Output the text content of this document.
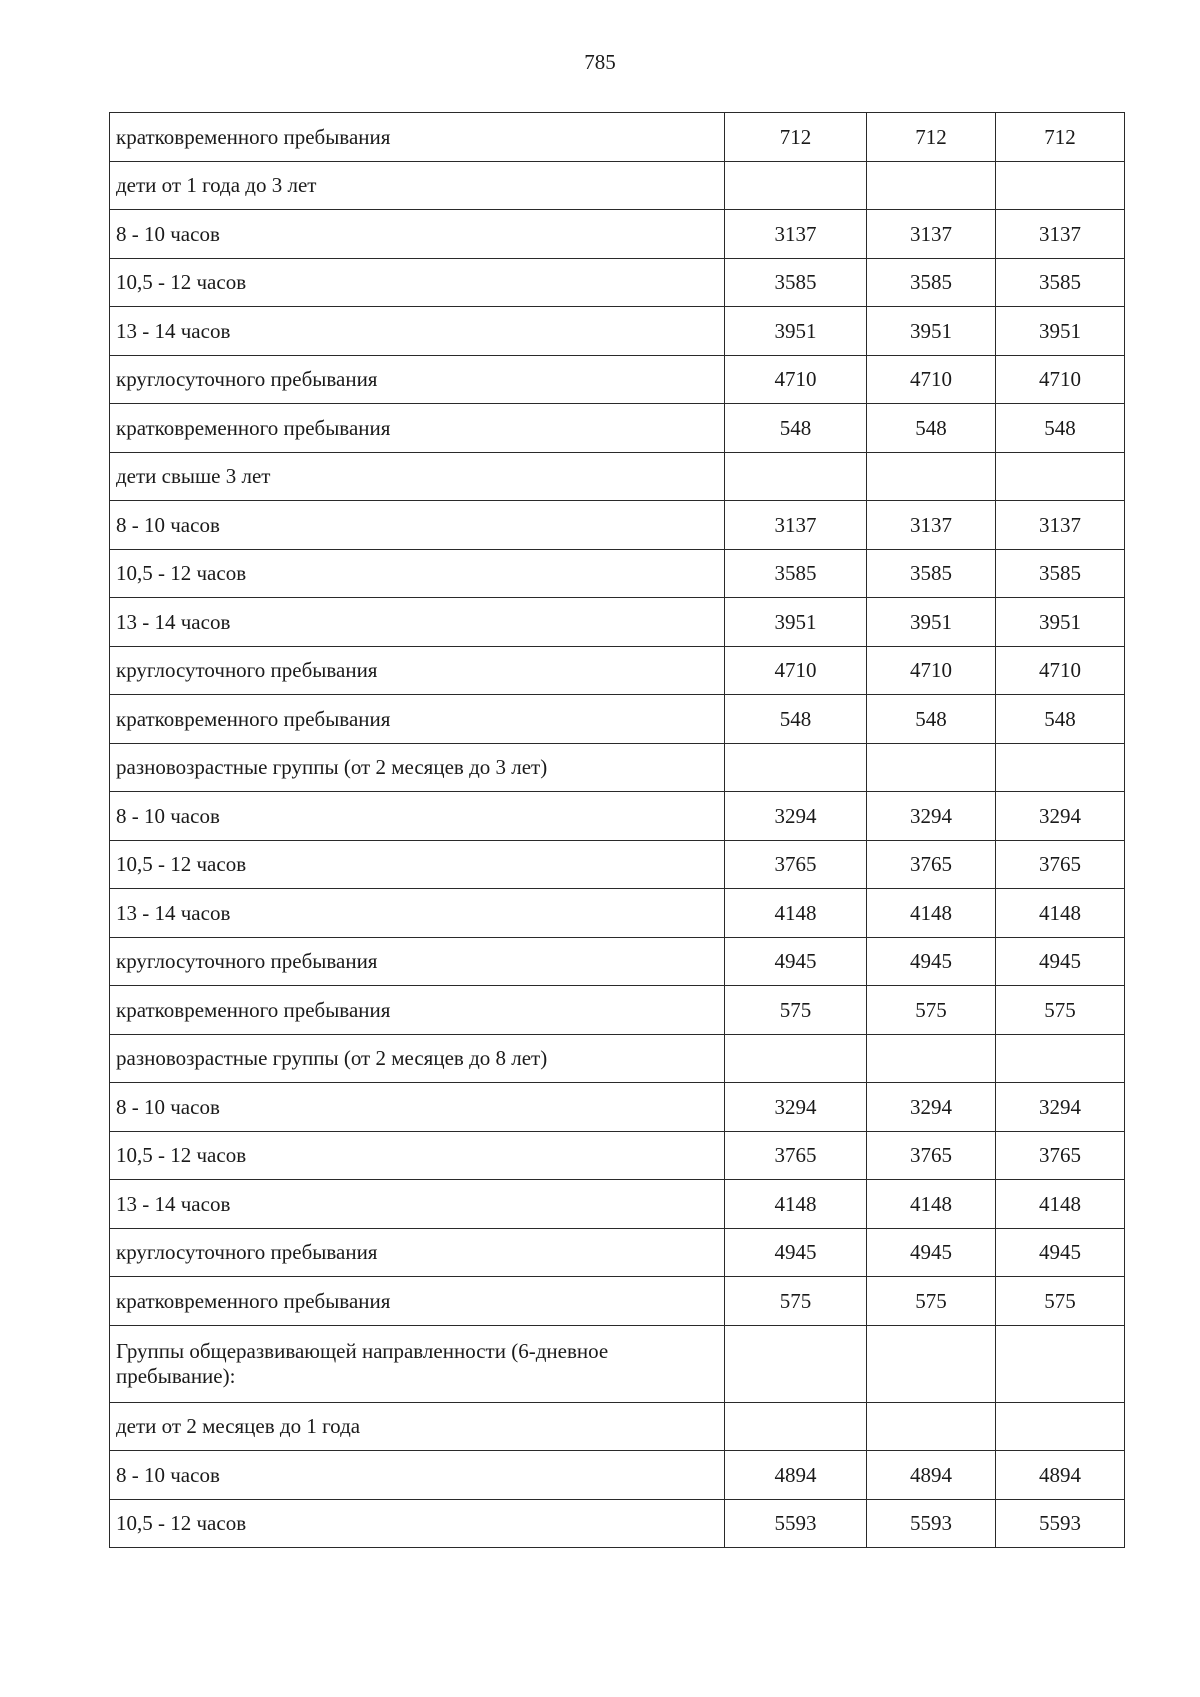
785
кратковременного пребывания	712	712	712
дети от 1 года до 3 лет			
8 - 10 часов	3137	3137	3137
10,5 - 12 часов	3585	3585	3585
13 - 14 часов	3951	3951	3951
круглосуточного пребывания	4710	4710	4710
кратковременного пребывания	548	548	548
дети свыше 3 лет			
8 - 10 часов	3137	3137	3137
10,5 - 12 часов	3585	3585	3585
13 - 14 часов	3951	3951	3951
круглосуточного пребывания	4710	4710	4710
кратковременного пребывания	548	548	548
разновозрастные группы (от 2 месяцев до 3 лет)			
8 - 10 часов	3294	3294	3294
10,5 - 12 часов	3765	3765	3765
13 - 14 часов	4148	4148	4148
круглосуточного пребывания	4945	4945	4945
кратковременного пребывания	575	575	575
разновозрастные группы (от 2 месяцев до 8 лет)			
8 - 10 часов	3294	3294	3294
10,5 - 12 часов	3765	3765	3765
13 - 14 часов	4148	4148	4148
круглосуточного пребывания	4945	4945	4945
кратковременного пребывания	575	575	575
Группы общеразвивающей направленности (6-дневное пребывание):			
дети от 2 месяцев до 1 года			
8 - 10 часов	4894	4894	4894
10,5 - 12 часов	5593	5593	5593
